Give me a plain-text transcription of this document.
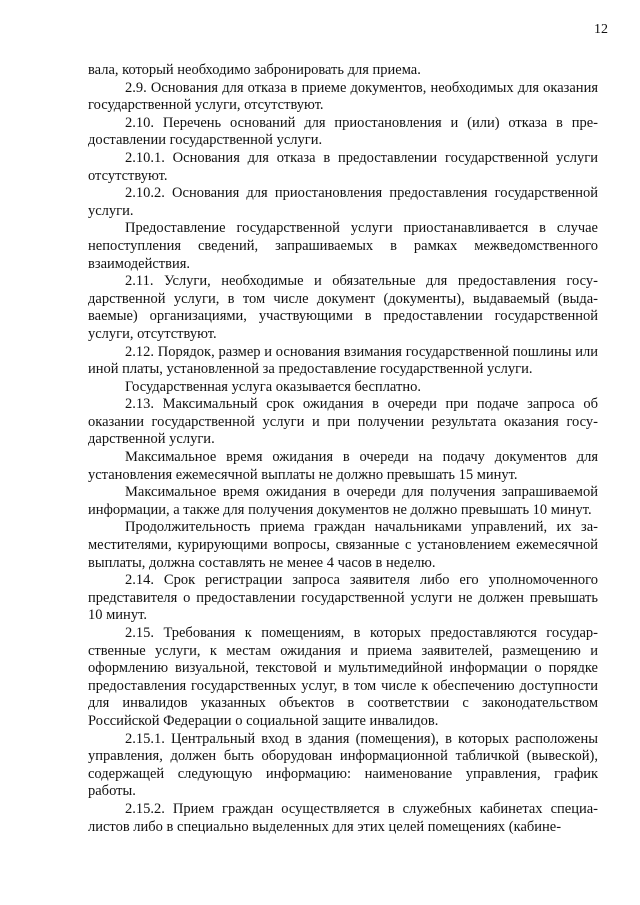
12

вала, который необходимо забронировать для приема.

2.9. Основания для отказа в приеме документов, необходимых для оказания государственной услуги, отсутствуют.

2.10. Перечень оснований для приостановления и (или) отказа в предоставлении государственной услуги.

2.10.1. Основания для отказа в предоставлении государственной услуги отсутствуют.

2.10.2. Основания для приостановления предоставления государственной услуги.

Предоставление государственной услуги приостанавливается в случае непоступления сведений, запрашиваемых в рамках межведомственного взаимодействия.

2.11. Услуги, необходимые и обязательные для предоставления государственной услуги, в том числе документ (документы), выдаваемый (выдаваемые) организациями, участвующими в предоставлении государственной услуги, отсутствуют.

2.12. Порядок, размер и основания взимания государственной пошлины или иной платы, установленной за предоставление государственной услуги.

Государственная услуга оказывается бесплатно.

2.13. Максимальный срок ожидания в очереди при подаче запроса об оказании государственной услуги и при получении результата оказания государственной услуги.

Максимальное время ожидания в очереди на подачу документов для установления ежемесячной выплаты не должно превышать 15 минут.

Максимальное время ожидания в очереди для получения запрашиваемой информации, а также для получения документов не должно превышать 10 минут.

Продолжительность приема граждан начальниками управлений, их заместителями, курирующими вопросы, связанные с установлением ежемесячной выплаты, должна составлять не менее 4 часов в неделю.

2.14. Срок регистрации запроса заявителя либо его уполномоченного представителя о предоставлении государственной услуги не должен превышать 10 минут.

2.15. Требования к помещениям, в которых предоставляются государственные услуги, к местам ожидания и приема заявителей, размещению и оформлению визуальной, текстовой и мультимедийной информации о порядке предоставления государственных услуг, в том числе к обеспечению доступности для инвалидов указанных объектов в соответствии с законодательством Российской Федерации о социальной защите инвалидов.

2.15.1. Центральный вход в здания (помещения), в которых расположены управления, должен быть оборудован информационной табличкой (вывеской), содержащей следующую информацию: наименование управления, график работы.

2.15.2. Прием граждан осуществляется в служебных кабинетах специалистов либо в специально выделенных для этих целей помещениях (кабине-
